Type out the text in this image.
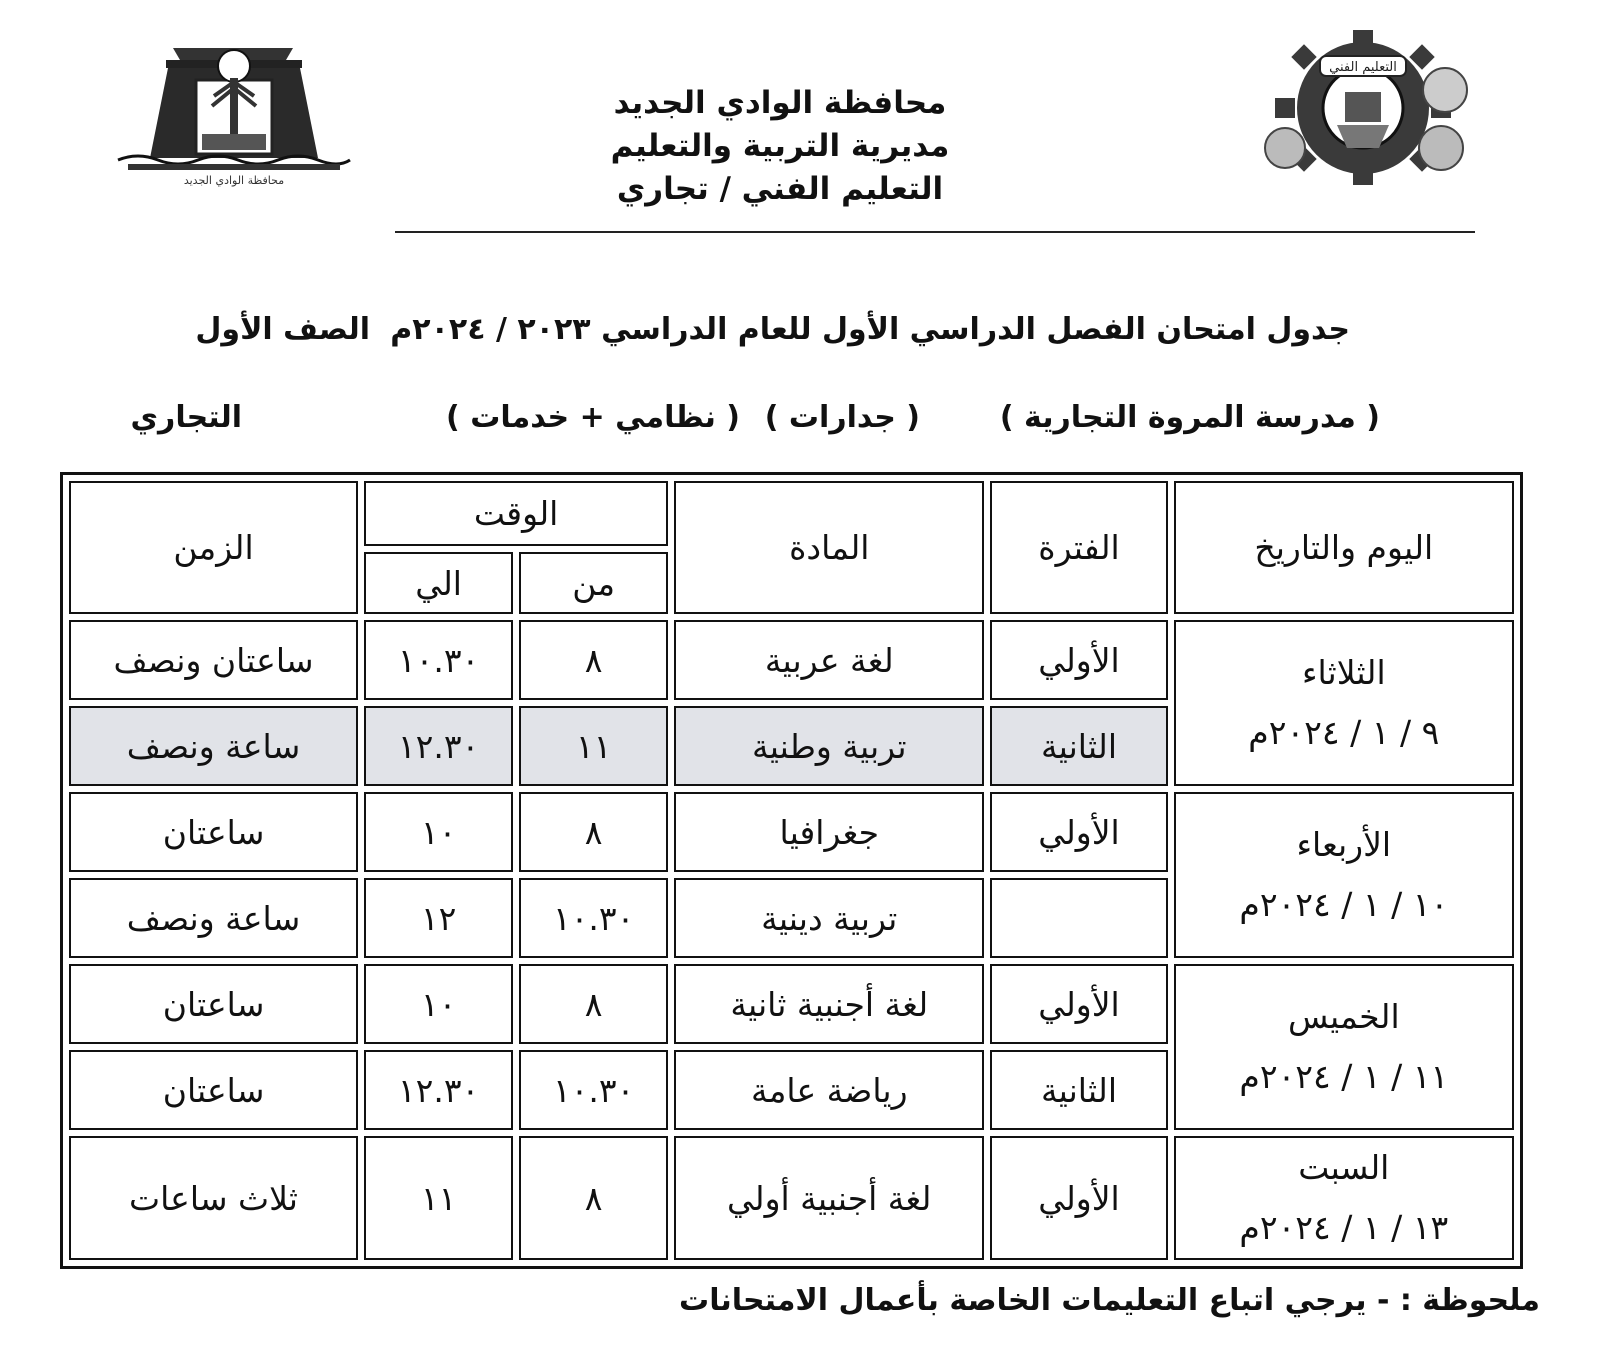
محافظة الوادي الجديد
التعليم الفني
محافظة الوادي الجديد
مديرية التربية والتعليم
التعليم الفني / تجاري
جدول امتحان الفصل الدراسي الأول للعام الدراسي ٢٠٢٣ / ٢٠٢٤م
الصف الأول
( مدرسة المروة التجارية )
( جدارات )
( نظامي + خدمات )
التجاري
اليوم والتاريخ	الفترة	المادة	الوقت		الزمن
			من	الي	

الثلاثاء
٩ / ١ / ٢٠٢٤م	الأولي	لغة عربية	٨	١٠.٣٠	ساعتان ونصف
	الثانية	تربية وطنية	١١	١٢.٣٠	ساعة ونصف

الأربعاء
١٠ / ١ / ٢٠٢٤م	الأولي	جغرافيا	٨	١٠	ساعتان
		تربية دينية	١٠.٣٠	١٢	ساعة ونصف

الخميس
١١ / ١ / ٢٠٢٤م	الأولي	لغة أجنبية ثانية	٨	١٠	ساعتان
	الثانية	رياضة عامة	١٠.٣٠	١٢.٣٠	ساعتان

السبت
١٣ / ١ / ٢٠٢٤م	الأولي	لغة أجنبية أولي	٨	١١	ثلاث ساعات
ملحوظة : - يرجي اتباع التعليمات الخاصة بأعمال الامتحانات
